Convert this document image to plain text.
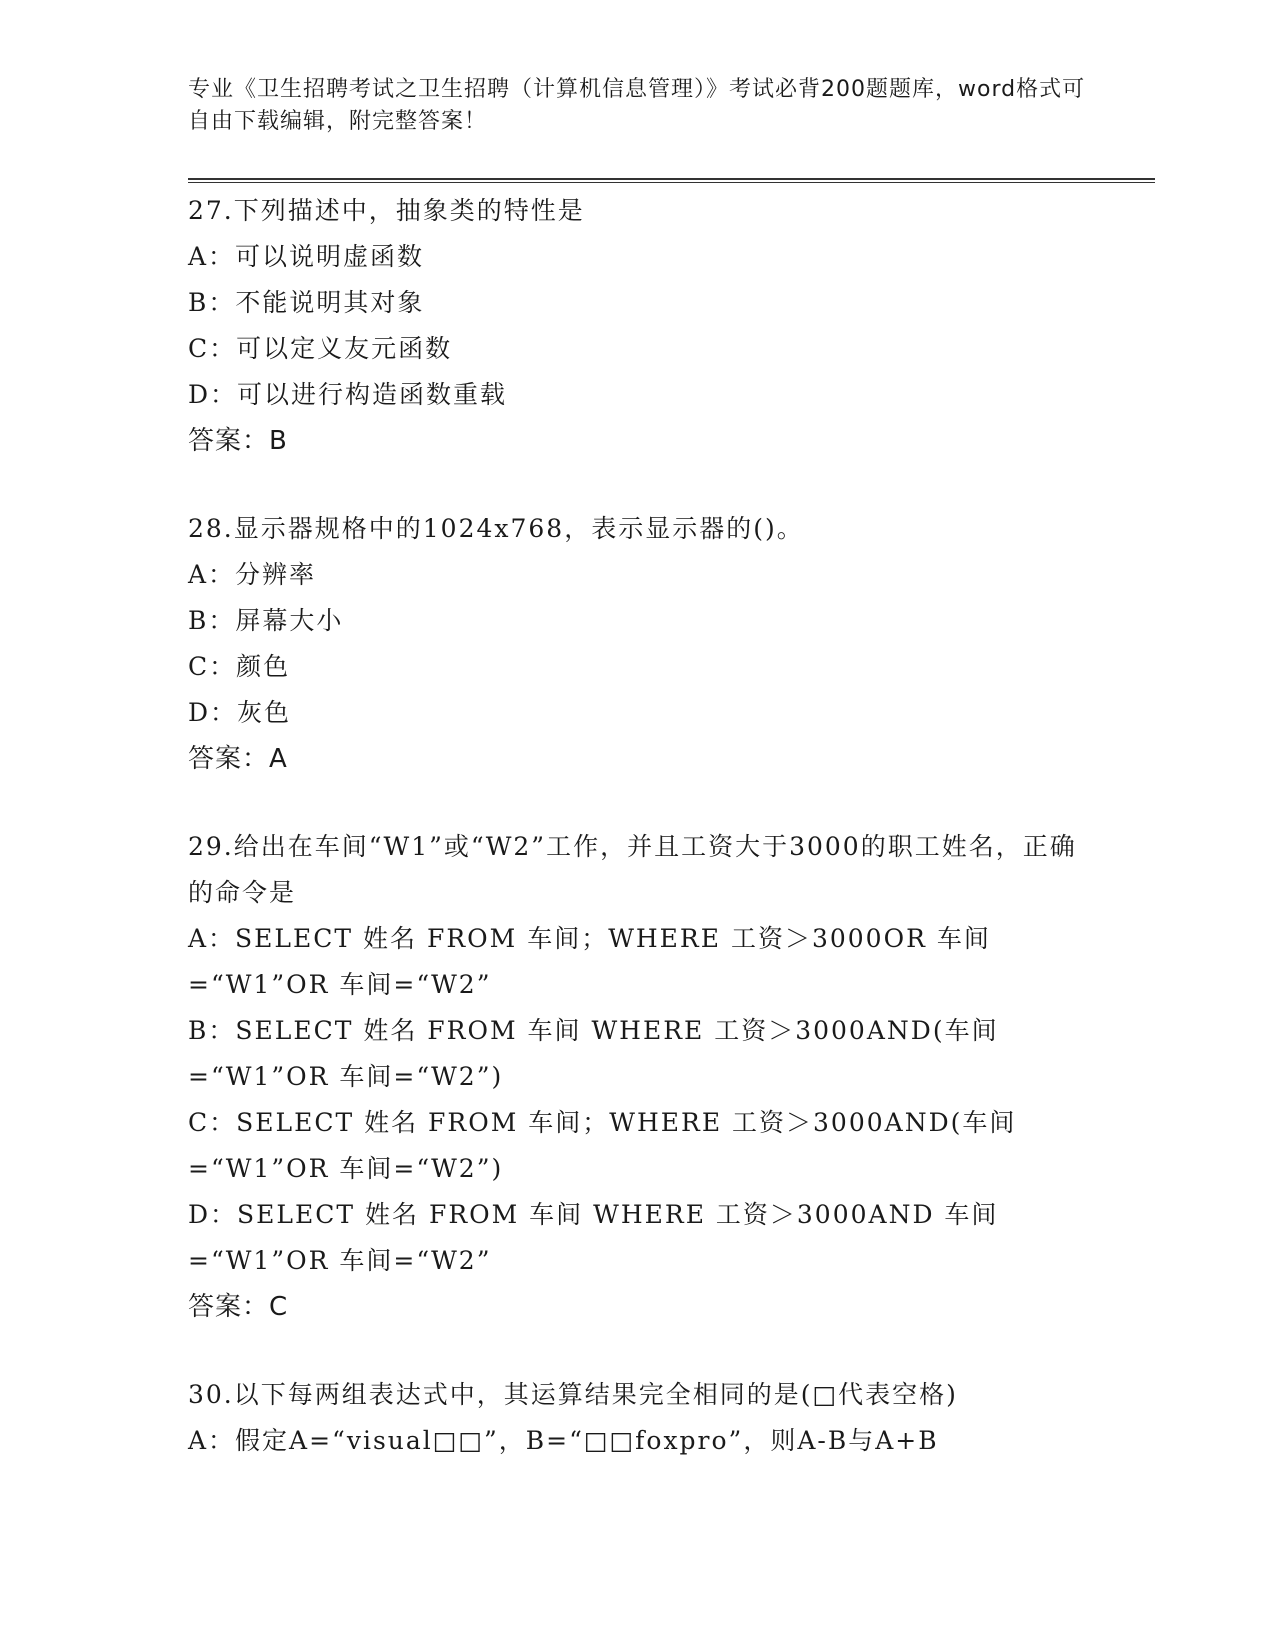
专业《卫生招聘考试之卫生招聘（计算机信息管理）》考试必背200题题库，word格式可自由下载编辑，附完整答案！
27.下列描述中，抽象类的特性是
A：可以说明虚函数
B：不能说明其对象
C：可以定义友元函数
D：可以进行构造函数重载
答案：B
28.显示器规格中的1024x768，表示显示器的()。
A：分辨率
B：屏幕大小
C：颜色
D：灰色
答案：A
29.给出在车间“W1”或“W2”工作，并且工资大于3000的职工姓名，正确的命令是
A：SELECT 姓名 FROM 车间；WHERE 工资＞3000OR 车间=“W1”OR 车间=“W2”
B：SELECT 姓名 FROM 车间 WHERE 工资＞3000AND(车间=“W1”OR 车间=“W2”)
C：SELECT 姓名 FROM 车间；WHERE 工资＞3000AND(车间=“W1”OR 车间=“W2”)
D：SELECT 姓名 FROM 车间 WHERE 工资＞3000AND 车间=“W1”OR 车间=“W2”
答案：C
30.以下每两组表达式中，其运算结果完全相同的是(□代表空格)
A：假定A=“visual□□”，B=“□□foxpro”，则A-B与A+B
